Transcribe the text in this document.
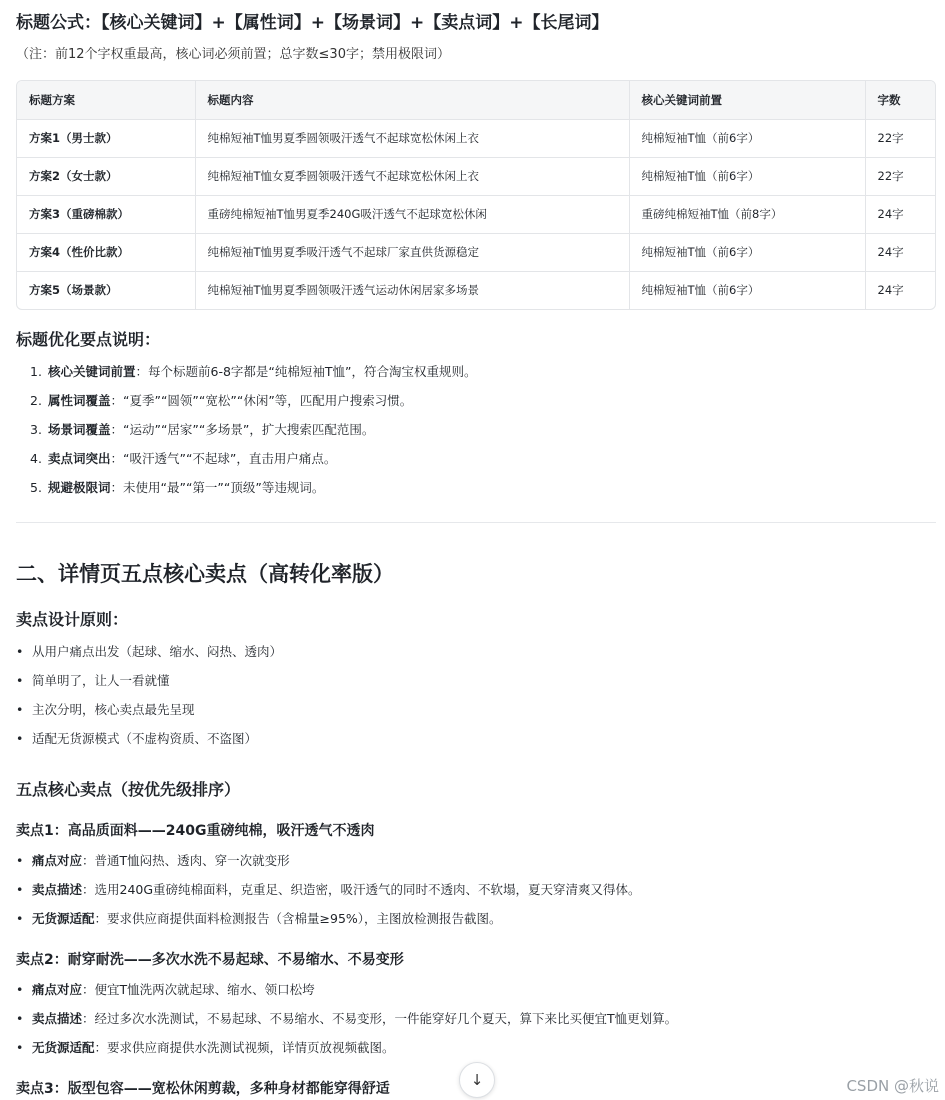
标题公式：【核心关键词】+【属性词】+【场景词】+【卖点词】+【长尾词】
（注：前12个字权重最高，核心词必须前置；总字数≤30字；禁用极限词）
标题方案	标题内容	核心关键词前置	字数
方案1（男士款）	纯棉短袖T恤男夏季圆领吸汗透气不起球宽松休闲上衣	纯棉短袖T恤（前6字）	22字
方案2（女士款）	纯棉短袖T恤女夏季圆领吸汗透气不起球宽松休闲上衣	纯棉短袖T恤（前6字）	22字
方案3（重磅棉款）	重磅纯棉短袖T恤男夏季240G吸汗透气不起球宽松休闲	重磅纯棉短袖T恤（前8字）	24字
方案4（性价比款）	纯棉短袖T恤男夏季吸汗透气不起球厂家直供货源稳定	纯棉短袖T恤（前6字）	24字
方案5（场景款）	纯棉短袖T恤男夏季圆领吸汗透气运动休闲居家多场景	纯棉短袖T恤（前6字）	24字
标题优化要点说明：
1. 核心关键词前置：每个标题前6-8字都是“纯棉短袖T恤”，符合淘宝权重规则。
2. 属性词覆盖：“夏季”“圆领”“宽松”“休闲”等，匹配用户搜索习惯。
3. 场景词覆盖：“运动”“居家”“多场景”，扩大搜索匹配范围。
4. 卖点词突出：“吸汗透气”“不起球”，直击用户痛点。
5. 规避极限词：未使用“最”“第一”“顶级”等违规词。
二、详情页五点核心卖点（高转化率版）
卖点设计原则：
• 从用户痛点出发（起球、缩水、闷热、透肉）
• 简单明了，让人一看就懂
• 主次分明，核心卖点最先呈现
• 适配无货源模式（不虚构资质、不盗图）
五点核心卖点（按优先级排序）
卖点1：高品质面料——240G重磅纯棉，吸汗透气不透肉
• 痛点对应：普通T恤闷热、透肉、穿一次就变形
• 卖点描述：选用240G重磅纯棉面料，克重足、织造密，吸汗透气的同时不透肉、不软塌，夏天穿清爽又得体。
• 无货源适配：要求供应商提供面料检测报告（含棉量≥95%），主图放检测报告截图。
卖点2：耐穿耐洗——多次水洗不易起球、不易缩水、不易变形
• 痛点对应：便宜T恤洗两次就起球、缩水、领口松垮
• 卖点描述：经过多次水洗测试，不易起球、不易缩水、不易变形，一件能穿好几个夏天，算下来比买便宜T恤更划算。
• 无货源适配：要求供应商提供水洗测试视频，详情页放视频截图。
卖点3：版型包容——宽松休闲剪裁，多种身材都能穿得舒适	↓	CSDN @秋说
